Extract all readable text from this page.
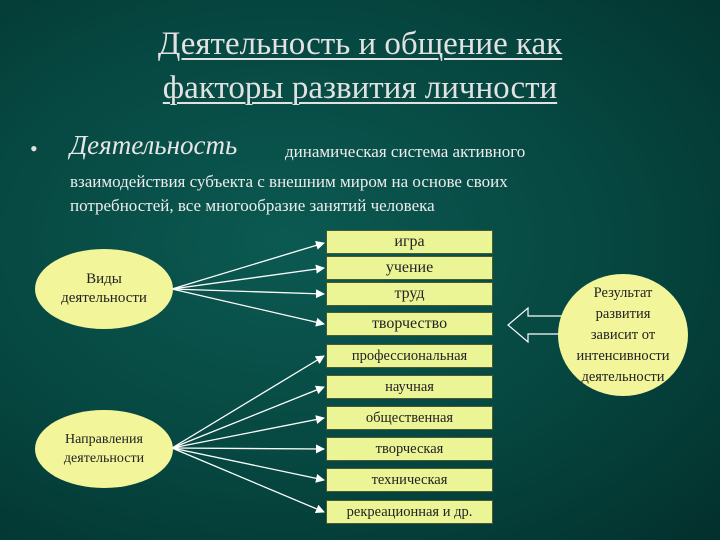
Деятельность и общение как
факторы развития личности
• Деятельность	динамическая система активного
взаимодействия субъекта с внешним миром на основе своих
потребностей, все многообразие занятий человека
Виды
деятельности
Направления
деятельности
Результат
развития
зависит от
интенсивности
деятельности
игра
учение
труд
творчество
профессиональная
научная
общественная
творческая
техническая
рекреационная и др.
